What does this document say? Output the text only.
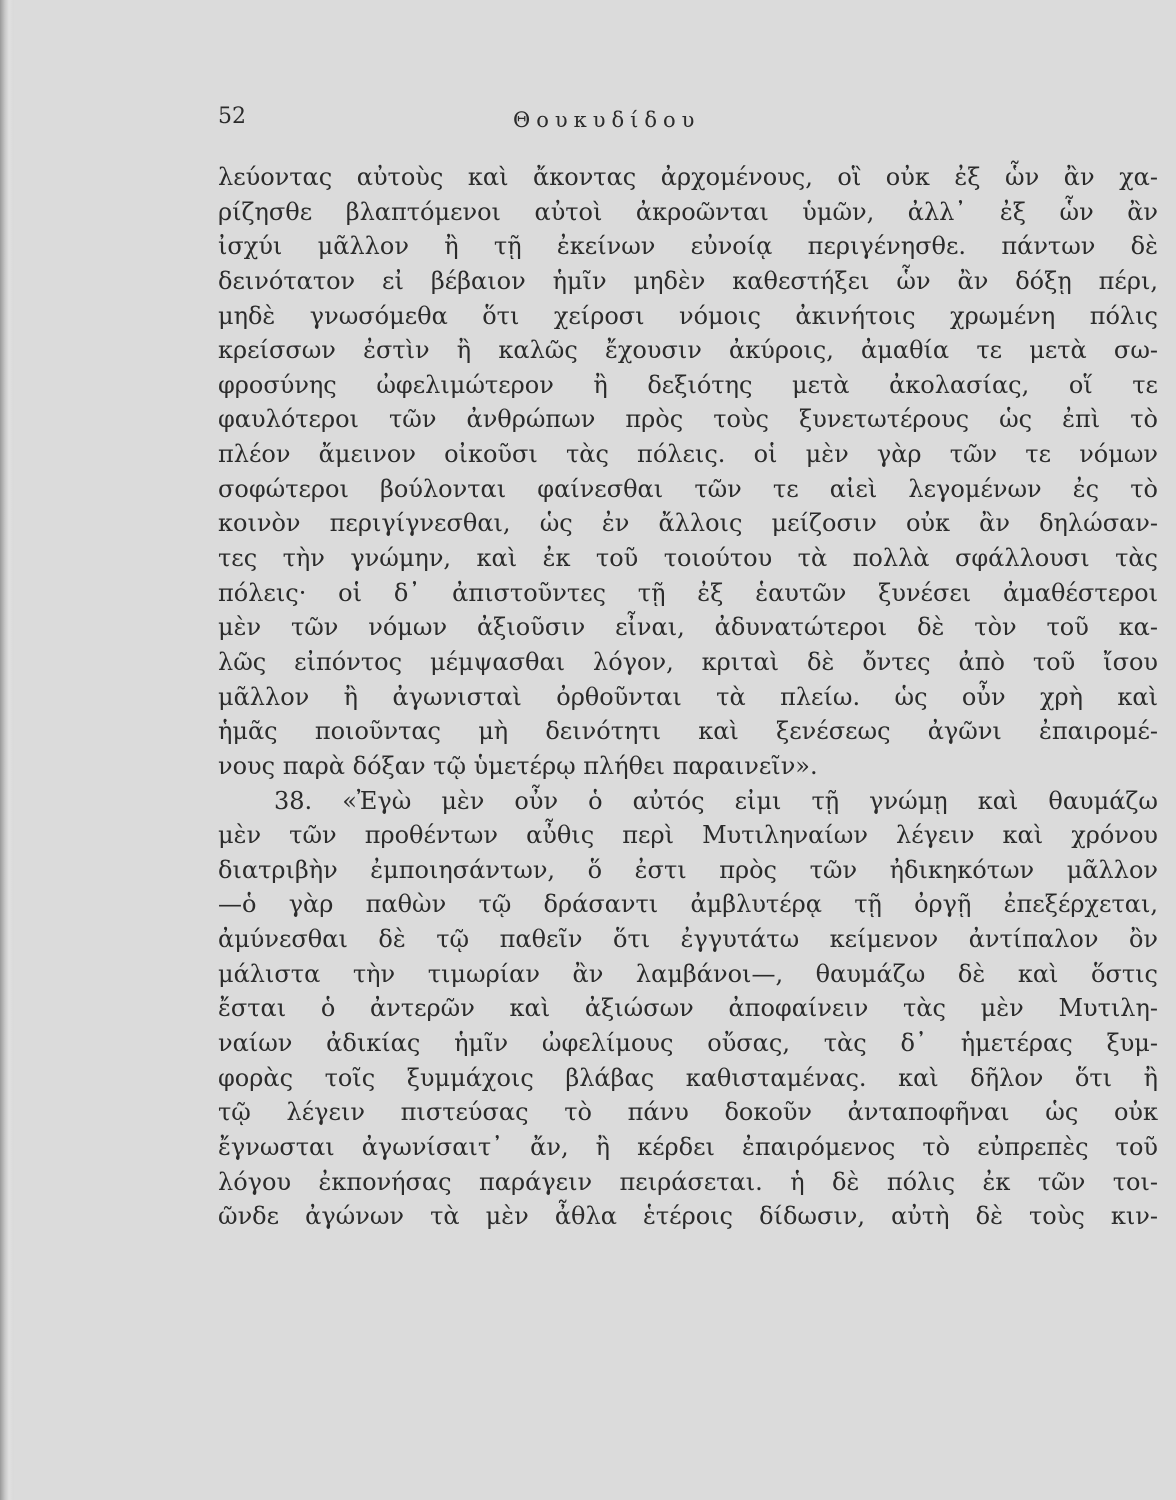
52	Θουκυδίδου
λεύοντας αὐτοὺς καὶ ἄκοντας ἀρχομένους, οἳ οὐκ ἐξ ὧν ἂν χα-
ρίζησθε βλαπτόμενοι αὐτοὶ ἀκροῶνται ὑμῶν, ἀλλ᾽ ἐξ ὧν ἂν
ἰσχύι μᾶλλον ἢ τῇ ἐκείνων εὐνοίᾳ περιγένησθε. πάντων δὲ
δεινότατον εἰ βέβαιον ἡμῖν μηδὲν καθεστήξει ὧν ἂν δόξῃ πέρι,
μηδὲ γνωσόμεθα ὅτι χείροσι νόμοις ἀκινήτοις χρωμένη πόλις
κρείσσων ἐστὶν ἢ καλῶς ἔχουσιν ἀκύροις, ἀμαθία τε μετὰ σω-
φροσύνης ὠφελιμώτερον ἢ δεξιότης μετὰ ἀκολασίας, οἵ τε
φαυλότεροι τῶν ἀνθρώπων πρὸς τοὺς ξυνετωτέρους ὡς ἐπὶ τὸ
πλέον ἄμεινον οἰκοῦσι τὰς πόλεις. οἱ μὲν γὰρ τῶν τε νόμων
σοφώτεροι βούλονται φαίνεσθαι τῶν τε αἰεὶ λεγομένων ἐς τὸ
κοινὸν περιγίγνεσθαι, ὡς ἐν ἄλλοις μείζοσιν οὐκ ἂν δηλώσαν-
τες τὴν γνώμην, καὶ ἐκ τοῦ τοιούτου τὰ πολλὰ σφάλλουσι τὰς
πόλεις· οἱ δ᾽ ἀπιστοῦντες τῇ ἐξ ἑαυτῶν ξυνέσει ἀμαθέστεροι
μὲν τῶν νόμων ἀξιοῦσιν εἶναι, ἀδυνατώτεροι δὲ τὸν τοῦ κα-
λῶς εἰπόντος μέμψασθαι λόγον, κριταὶ δὲ ὄντες ἀπὸ τοῦ ἴσου
μᾶλλον ἢ ἀγωνισταὶ ὀρθοῦνται τὰ πλείω. ὡς οὖν χρὴ καὶ
ἡμᾶς ποιοῦντας μὴ δεινότητι καὶ ξενέσεως ἀγῶνι ἐπαιρομέ-
νους παρὰ δόξαν τῷ ὑμετέρῳ πλήθει παραινεῖν».
38. «Ἐγὼ μὲν οὖν ὁ αὐτός εἰμι τῇ γνώμῃ καὶ θαυμάζω
μὲν τῶν προθέντων αὖθις περὶ Μυτιληναίων λέγειν καὶ χρόνου
διατριβὴν ἐμποιησάντων, ὅ ἐστι πρὸς τῶν ἠδικηκότων μᾶλλον
—ὁ γὰρ παθὼν τῷ δράσαντι ἀμβλυτέρᾳ τῇ ὀργῇ ἐπεξέρχεται,
ἀμύνεσθαι δὲ τῷ παθεῖν ὅτι ἐγγυτάτω κείμενον ἀντίπαλον ὂν
μάλιστα τὴν τιμωρίαν ἂν λαμβάνοι—, θαυμάζω δὲ καὶ ὅστις
ἔσται ὁ ἀντερῶν καὶ ἀξιώσων ἀποφαίνειν τὰς μὲν Μυτιλη-
ναίων ἀδικίας ἡμῖν ὠφελίμους οὔσας, τὰς δ᾽ ἡμετέρας ξυμ-
φορὰς τοῖς ξυμμάχοις βλάβας καθισταμένας. καὶ δῆλον ὅτι ἢ
τῷ λέγειν πιστεύσας τὸ πάνυ δοκοῦν ἀνταποφῆναι ὡς οὐκ
ἔγνωσται ἀγωνίσαιτ᾽ ἄν, ἢ κέρδει ἐπαιρόμενος τὸ εὐπρεπὲς τοῦ
λόγου ἐκπονήσας παράγειν πειράσεται. ἡ δὲ πόλις ἐκ τῶν τοι-
ῶνδε ἀγώνων τὰ μὲν ἆθλα ἑτέροις δίδωσιν, αὐτὴ δὲ τοὺς κιν-
